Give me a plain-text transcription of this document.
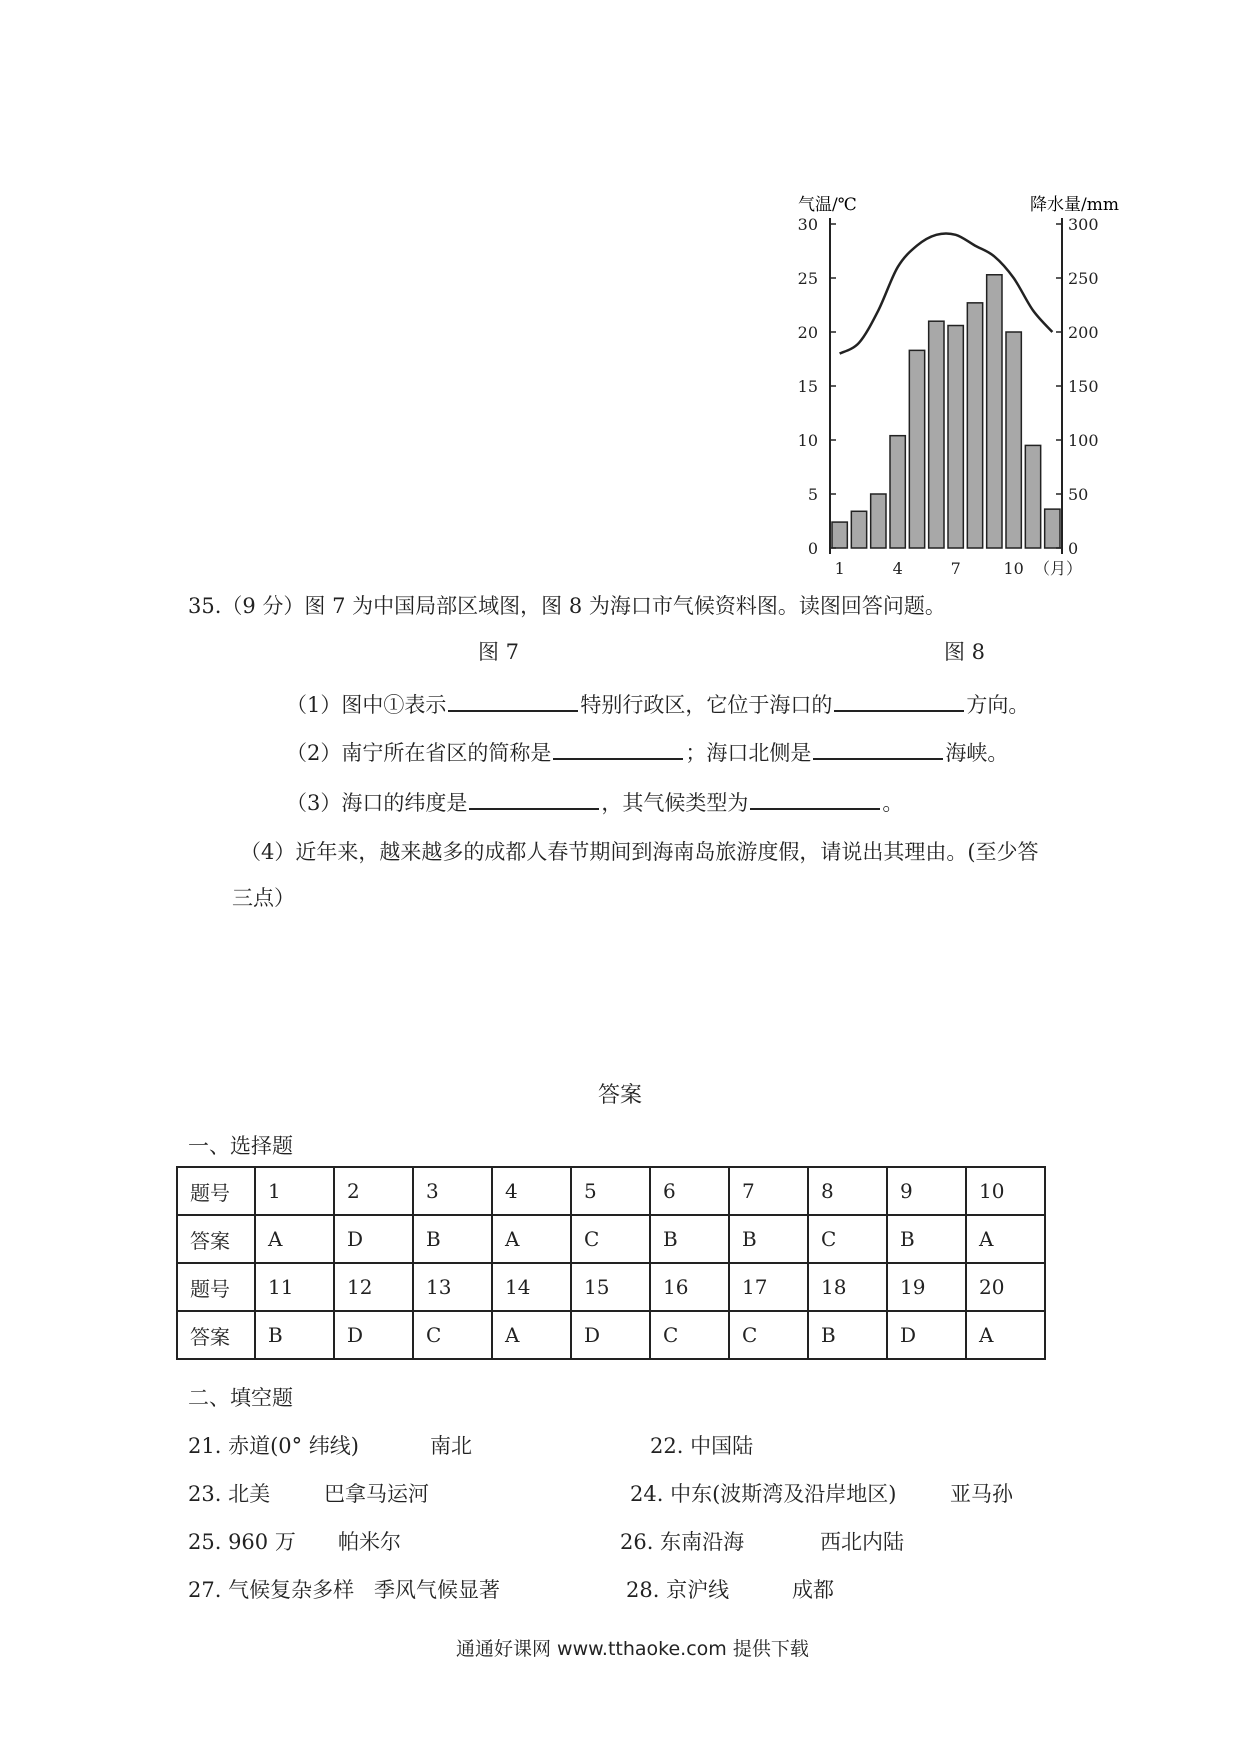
气温/℃	降水量/mm
30
25
20
15
10
5
0
300
250
200
150
100
50
0
1	4	7	10 （月）
35.（9 分）图 7 为中国局部区域图，图 8 为海口市气候资料图。读图回答问题。
图 7	图 8
（1）图中①表示	特别行政区，它位于海口的	方向。
（2）南宁所在省区的简称是	；海口北侧是	海峡。
（3）海口的纬度是	，其气候类型为	。
（4）近年来，越来越多的成都人春节期间到海南岛旅游度假，请说出其理由。(至少答
三点）
答案
一、选择题
题号	1	2	3	4	5	6	7	8	9	10
答案	A	D	B	A	C	B	B	C	B	A
题号	11	12	13	14	15	16	17	18	19	20
答案	B	D	C	A	D	C	C	B	D	A
二、填空题
21. 赤道(0° 纬线)	南北	22. 中国陆
23. 北美	巴拿马运河	24. 中东(波斯湾及沿岸地区)	亚马孙
25. 960 万 帕米尔	26. 东南沿海	西北内陆
27. 气候复杂多样 季风气候显著	28. 京沪线	成都
通通好课网 www.tthaoke.com 提供下载
